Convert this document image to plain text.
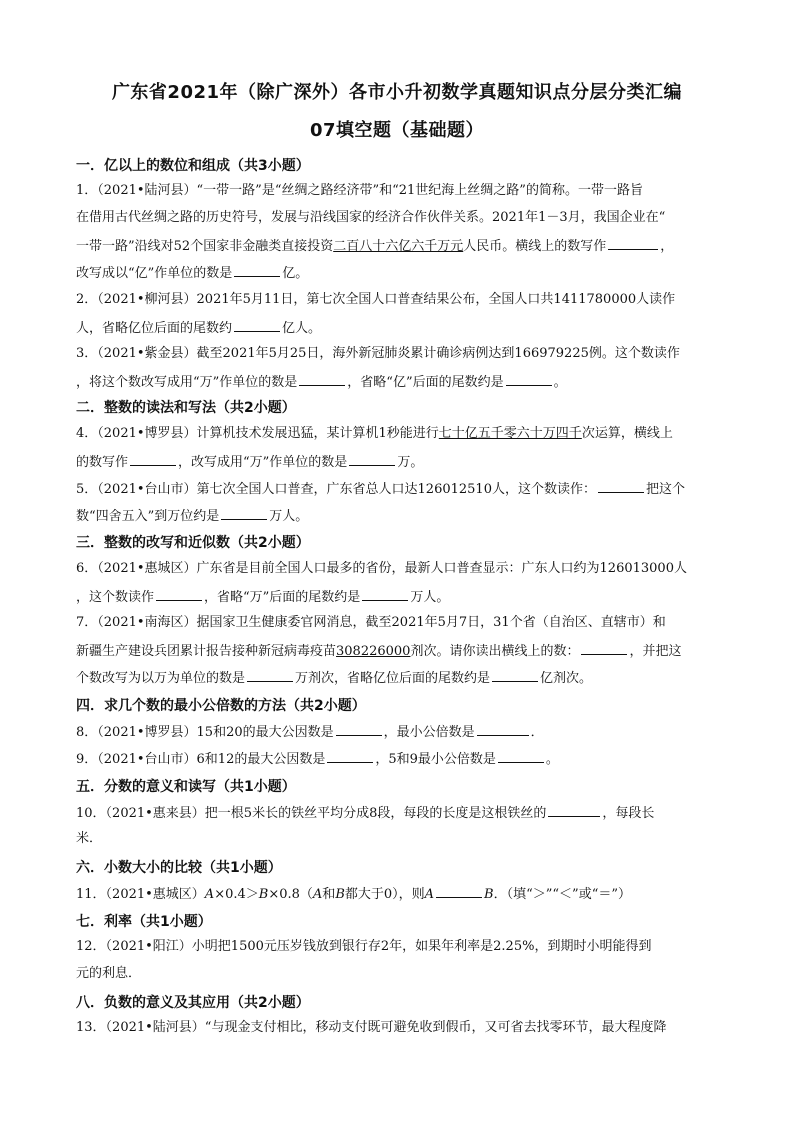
广东省2021年（除广深外）各市小升初数学真题知识点分层分类汇编
07填空题（基础题）
一．亿以上的数位和组成（共3小题）
1．（2021•陆河县）“一带一路”是“丝绸之路经济带”和“21世纪海上丝绸之路”的简称。一带一路旨
在借用古代丝绸之路的历史符号，发展与沿线国家的经济合作伙伴关系。2021年1－3月，我国企业在“
一带一路”沿线对52个国家非金融类直接投资二百八十六亿六千万元人民币。横线上的数写作	，
改写成以“亿”作单位的数是	亿。
2．（2021•柳河县）2021年5月11日，第七次全国人口普查结果公布，全国人口共1411780000人读作
人，省略亿位后面的尾数约	亿人。
3．（2021•紫金县）截至2021年5月25日，海外新冠肺炎累计确诊病例达到166979225例。这个数读作
，将这个数改写成用“万”作单位的数是	，省略“亿”后面的尾数约是	。
二．整数的读法和写法（共2小题）
4．（2021•博罗县）计算机技术发展迅猛，某计算机1秒能进行七十亿五千零六十万四千次运算，横线上
的数写作	，改写成用“万”作单位的数是	万。
5．（2021•台山市）第七次全国人口普查，广东省总人口达126012510人，这个数读作：	把这个
数“四舍五入”到万位约是	万人。
三．整数的改写和近似数（共2小题）
6．（2021•惠城区）广东省是目前全国人口最多的省份，最新人口普查显示：广东人口约为126013000人
，这个数读作	，省略“万”后面的尾数约是	万人。
7．（2021•南海区）据国家卫生健康委官网消息，截至2021年5月7日，31个省（自治区、直辖市）和
新疆生产建设兵团累计报告接种新冠病毒疫苗308226000剂次。请你读出横线上的数：	，并把这
个数改写为以万为单位的数是	万剂次，省略亿位后面的尾数约是	亿剂次。
四．求几个数的最小公倍数的方法（共2小题）
8．（2021•博罗县）15和20的最大公因数是	，最小公倍数是	．
9．（2021•台山市）6和12的最大公因数是	，5和9最小公倍数是	。
五．分数的意义和读写（共1小题）
10．（2021•惠来县）把一根5米长的铁丝平均分成8段，每段的长度是这根铁丝的	，每段长
米．
六．小数大小的比较（共1小题）
11．（2021•惠城区）A×0.4＞B×0.8（A和B都大于0），则A	B．（填“＞”“＜”或“＝”）
七．利率（共1小题）
12．（2021•阳江）小明把1500元压岁钱放到银行存2年，如果年利率是2.25%，到期时小明能得到
元的利息．
八．负数的意义及其应用（共2小题）
13．（2021•陆河县）“与现金支付相比，移动支付既可避免收到假币，又可省去找零环节，最大程度降
